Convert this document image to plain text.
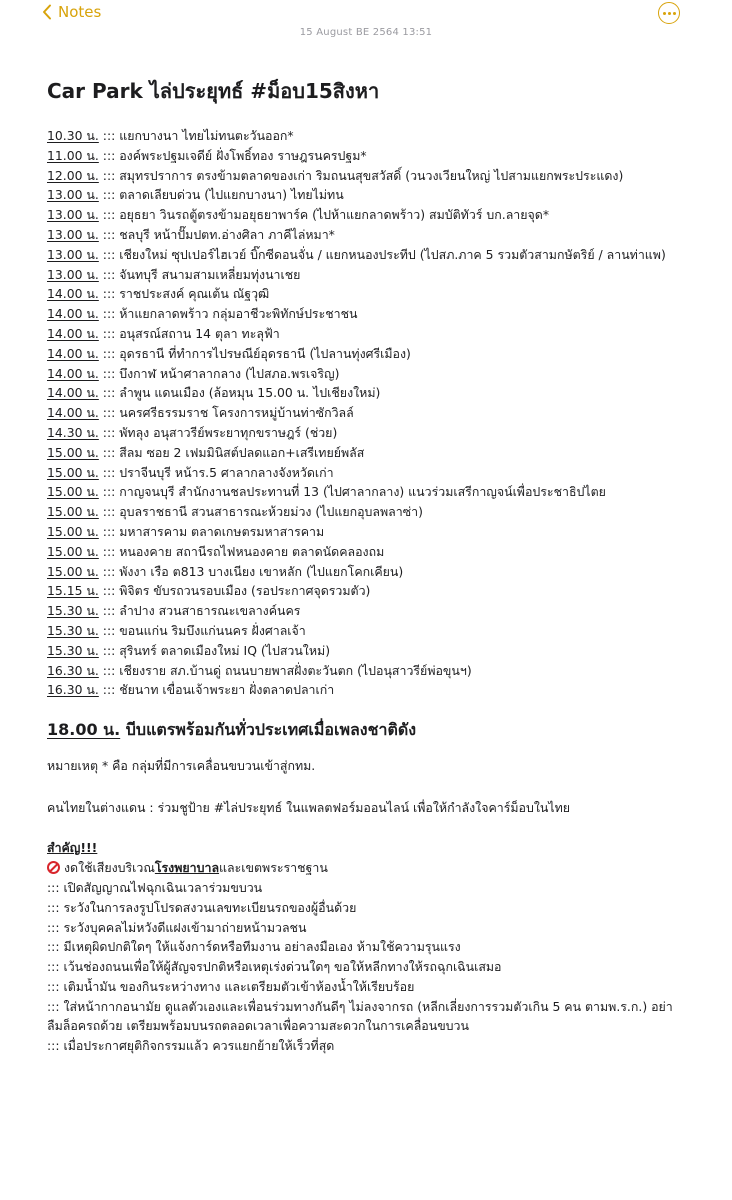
Notes
15 August BE 2564 13:51
Car Park ไล่ประยุทธ์ #ม็อบ15สิงหา
10.30 น. ::: แยกบางนา ไทยไม่ทนตะวันออก*
11.00 น. ::: องค์พระปฐมเจดีย์ ฝั่งโพธิ์ทอง ราษฎรนครปฐม*
12.00 น. ::: สมุทรปราการ ตรงข้ามตลาดของเก่า ริมถนนสุขสวัสดิ์ (วนวงเวียนใหญ่ ไปสามแยกพระประแดง)
13.00 น. ::: ตลาดเลียบด่วน (ไปแยกบางนา) ไทยไม่ทน
13.00 น. ::: อยุธยา วินรถตู้ตรงข้ามอยุธยาพาร์ค (ไปห้าแยกลาดพร้าว) สมบัติทัวร์ บก.ลายจุด*
13.00 น. ::: ชลบุรี หน้าปั๊มปตท.อ่างศิลา ภาคีไล่หมา*
13.00 น. ::: เชียงใหม่ ซุปเปอร์ไฮเวย์ บิ๊กซีดอนจั่น / แยกหนองประทีป (ไปสภ.ภาค 5 รวมตัวสามกษัตริย์ / ลานท่าแพ)
13.00 น. ::: จันทบุรี สนามสามเหลี่ยมทุ่งนาเชย
14.00 น. ::: ราชประสงค์ คุณเต้น ณัฐวุฒิ
14.00 น. ::: ห้าแยกลาดพร้าว กลุ่มอาชีวะพิทักษ์ประชาชน
14.00 น. ::: อนุสรณ์สถาน 14 ตุลา ทะลุฟ้า
14.00 น. ::: อุดรธานี ที่ทำการไปรษณีย์อุดรธานี (ไปลานทุ่งศรีเมือง)
14.00 น. ::: บึงกาฬ หน้าศาลากลาง (ไปสภอ.พรเจริญ)
14.00 น. ::: ลำพูน แดนเมือง (ล้อหมุน 15.00 น. ไปเชียงใหม่)
14.00 น. ::: นครศรีธรรมราช โครงการหมู่บ้านท่าซักวิลล์
14.30 น. ::: พัทลุง อนุสาวรีย์พระยาทุกขราษฎร์ (ช่วย)
15.00 น. ::: สีลม ซอย 2 เฟมมินิสต์ปลดแอก+เสรีเทยย์พลัส
15.00 น. ::: ปราจีนบุรี หน้าร.5 ศาลากลางจังหวัดเก่า
15.00 น. ::: กาญจนบุรี สำนักงานชลประทานที่ 13 (ไปศาลากลาง) แนวร่วมเสรีกาญจน์เพื่อประชาธิปไตย
15.00 น. ::: อุบลราชธานี สวนสาธารณะห้วยม่วง (ไปแยกอุบลพลาซ่า)
15.00 น. ::: มหาสารคาม ตลาดเกษตรมหาสารคาม
15.00 น. ::: หนองคาย สถานีรถไฟหนองคาย ตลาดนัดคลองถม
15.00 น. ::: พังงา เรือ ต813 บางเนียง เขาหลัก (ไปแยกโคกเคียน)
15.15 น. ::: พิจิตร ขับรถวนรอบเมือง (รอประกาศจุดรวมตัว)
15.30 น. ::: ลำปาง สวนสาธารณะเขลางค์นคร
15.30 น. ::: ขอนแก่น ริมบึงแก่นนคร ฝั่งศาลเจ้า
15.30 น. ::: สุรินทร์ ตลาดเมืองใหม่ IQ (ไปสวนใหม่)
16.30 น. ::: เชียงราย สภ.บ้านดู่ ถนนบายพาสฝั่งตะวันตก (ไปอนุสาวรีย์พ่อขุนฯ)
16.30 น. ::: ชัยนาท เขื่อนเจ้าพระยา ฝั่งตลาดปลาเก่า
18.00 น. บีบแตรพร้อมกันทั่วประเทศเมื่อเพลงชาติดัง

หมายเหตุ * คือ กลุ่มที่มีการเคลื่อนขบวนเข้าสู่กทม.

คนไทยในต่างแดน : ร่วมชูป้าย #ไล่ประยุทธ์ ในแพลตฟอร์มออนไลน์ เพื่อให้กำลังใจคาร์ม็อบในไทย

สำคัญ!!!
งดใช้เสียงบริเวณโรงพยาบาลและเขตพระราชฐาน
::: เปิดสัญญาณไฟฉุกเฉินเวลาร่วมขบวน
::: ระวังในการลงรูปโปรดสงวนเลขทะเบียนรถของผู้อื่นด้วย
::: ระวังบุคคลไม่หวังดีแฝงเข้ามาถ่ายหน้ามวลชน
::: มีเหตุผิดปกติใดๆ ให้แจ้งการ์ดหรือทีมงาน อย่าลงมือเอง ห้ามใช้ความรุนแรง
::: เว้นช่องถนนเพื่อให้ผู้สัญจรปกติหรือเหตุเร่งด่วนใดๆ ขอให้หลีกทางให้รถฉุกเฉินเสมอ
::: เติมน้ำมัน ของกินระหว่างทาง และเตรียมตัวเข้าห้องน้ำให้เรียบร้อย
::: ใส่หน้ากากอนามัย ดูแลตัวเองและเพื่อนร่วมทางกันดีๆ ไม่ลงจากรถ (หลีกเลี่ยงการรวมตัวเกิน 5 คน ตามพ.ร.ก.) อย่าลืมล็อครถด้วย เตรียมพร้อมบนรถตลอดเวลาเพื่อความสะดวกในการเคลื่อนขบวน
::: เมื่อประกาศยุติกิจกรรมแล้ว ควรแยกย้ายให้เร็วที่สุด
